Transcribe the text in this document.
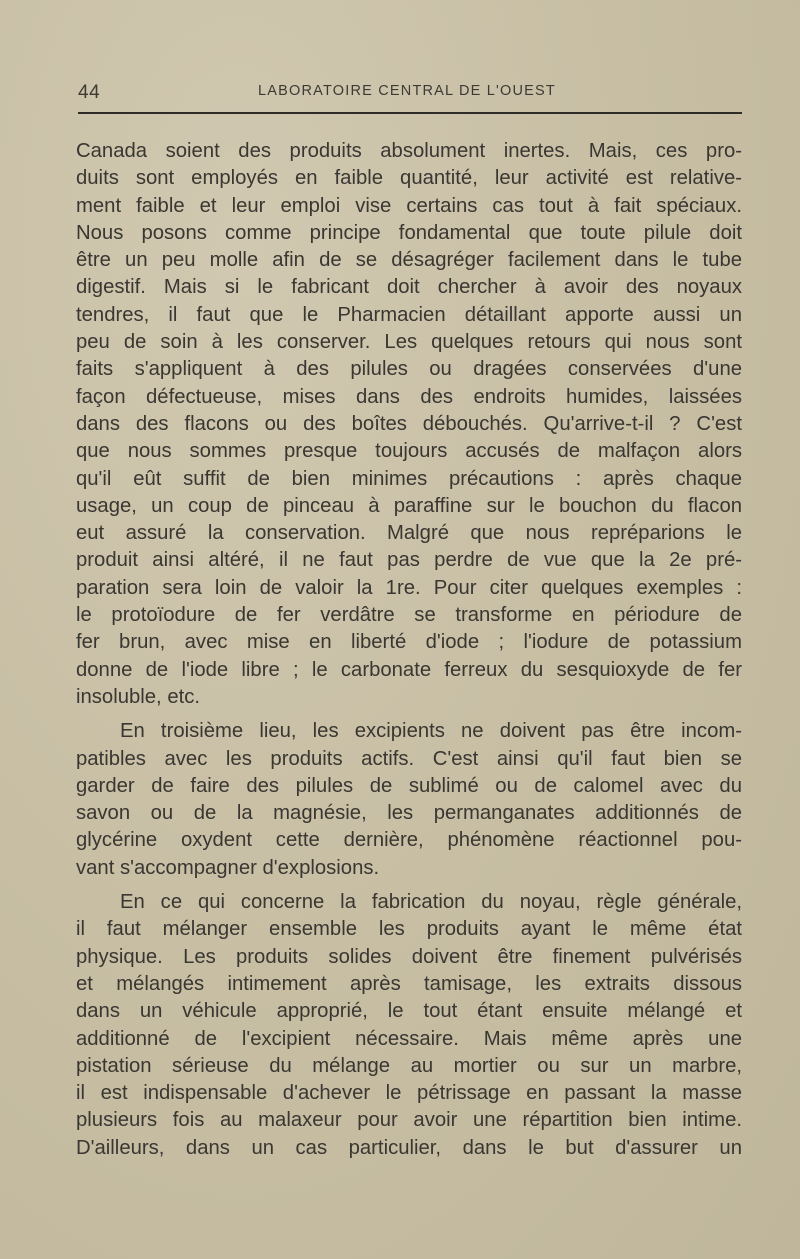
44	LABORATOIRE CENTRAL DE L'OUEST

Canada soient des produits absolument inertes. Mais, ces pro-

duits sont employés en faible quantité, leur activité est relative-

ment faible et leur emploi vise certains cas tout à fait spéciaux.

Nous posons comme principe fondamental que toute pilule doit

être un peu molle afin de se désagréger facilement dans le tube

digestif. Mais si le fabricant doit chercher à avoir des noyaux

tendres, il faut que le Pharmacien détaillant apporte aussi un

peu de soin à les conserver. Les quelques retours qui nous sont

faits s'appliquent à des pilules ou dragées conservées d'une

façon défectueuse, mises dans des endroits humides, laissées

dans des flacons ou des boîtes débouchés. Qu'arrive-t-il ? C'est

que nous sommes presque toujours accusés de malfaçon alors

qu'il eût suffit de bien minimes précautions : après chaque

usage, un coup de pinceau à paraffine sur le bouchon du flacon

eut assuré la conservation. Malgré que nous repréparions le

produit ainsi altéré, il ne faut pas perdre de vue que la 2e pré-

paration sera loin de valoir la 1re. Pour citer quelques exemples :

le protoïodure de fer verdâtre se transforme en périodure de

fer brun, avec mise en liberté d'iode ; l'iodure de potassium

donne de l'iode libre ; le carbonate ferreux du sesquioxyde de fer

insoluble, etc.

En troisième lieu, les excipients ne doivent pas être incom-

patibles avec les produits actifs. C'est ainsi qu'il faut bien se

garder de faire des pilules de sublimé ou de calomel avec du

savon ou de la magnésie, les permanganates additionnés de

glycérine oxydent cette dernière, phénomène réactionnel pou-

vant s'accompagner d'explosions.

En ce qui concerne la fabrication du noyau, règle générale,

il faut mélanger ensemble les produits ayant le même état

physique. Les produits solides doivent être finement pulvérisés

et mélangés intimement après tamisage, les extraits dissous

dans un véhicule approprié, le tout étant ensuite mélangé et

additionné de l'excipient nécessaire. Mais même après une

pistation sérieuse du mélange au mortier ou sur un marbre,

il est indispensable d'achever le pétrissage en passant la masse

plusieurs fois au malaxeur pour avoir une répartition bien intime.

D'ailleurs, dans un cas particulier, dans le but d'assurer un
